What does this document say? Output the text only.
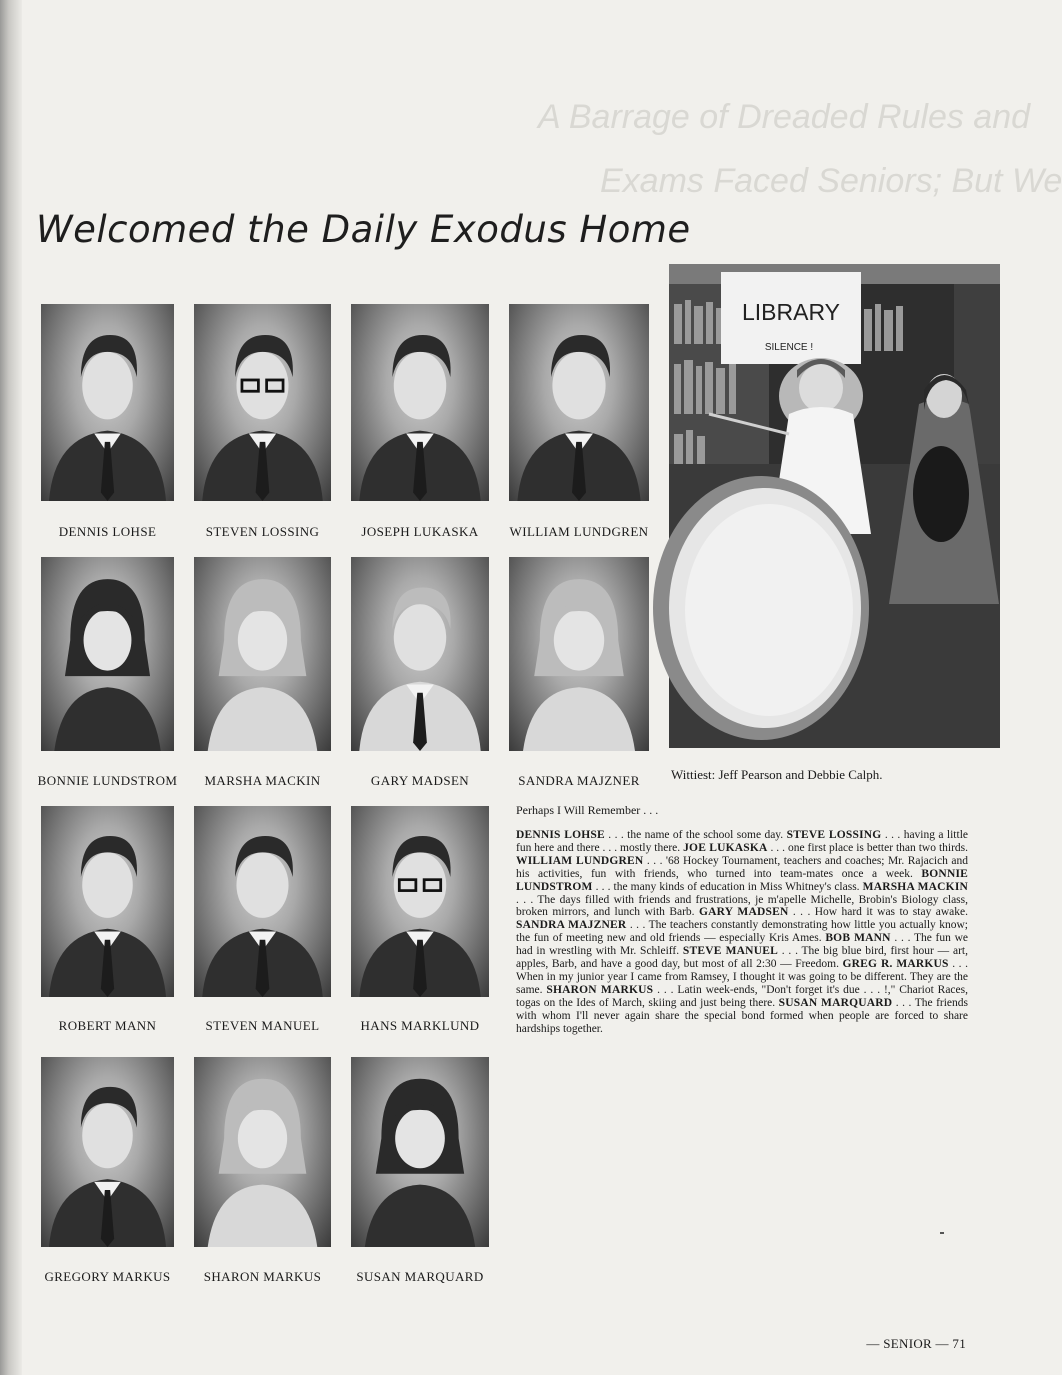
A Barrage of Dreaded Rules and
Exams Faced Seniors; But We
Welcomed the Daily Exodus Home
DENNIS LOHSE	STEVEN LOSSING	JOSEPH LUKASKA WILLIAM LUNDGREN
BONNIE LUNDSTROM MARSHA MACKIN	GARY MADSEN	SANDRA MAJZNER
ROBERT MANN	STEVEN MANUEL	HANS MARKLUND
GREGORY MARKUS	SHARON MARKUS	SUSAN MARQUARD
LIBRARY
SILENCE !
Wittiest: Jeff Pearson and Debbie Calph.
Perhaps I Will Remember . . .

DENNIS LOHSE . . . the name of the school some day. STEVE LOSSING . . . having a little fun here and there . . . mostly there. JOE LUKASKA . . . one first place is better than two thirds. WILLIAM LUNDGREN . . . '68 Hockey Tournament, teachers and coaches; Mr. Rajacich and his activities, fun with friends, who turned into team-mates once a week. BONNIE LUNDSTROM . . . the many kinds of education in Miss Whitney's class. MARSHA MACKIN . . . The days filled with friends and frustrations, je m'apelle Michelle, Brobin's Biology class, broken mirrors, and lunch with Barb. GARY MADSEN . . . How hard it was to stay awake. SANDRA MAJZNER . . . The teachers constantly demonstrating how little you actually know; the fun of meeting new and old friends — especially Kris Ames. BOB MANN . . . The fun we had in wrestling with Mr. Schleiff. STEVE MANUEL . . . The big blue bird, first hour — art, apples, Barb, and have a good day, but most of all 2:30 — Freedom. GREG R. MARKUS . . . When in my junior year I came from Ramsey, I thought it was going to be different. They are the same. SHARON MARKUS . . . Latin week-ends, "Don't forget it's due . . . !," Chariot Races, togas on the Ides of March, skiing and just being there. SUSAN MARQUARD . . . The friends with whom I'll never again share the special bond formed when people are forced to share hardships together.

— SENIOR — 71
